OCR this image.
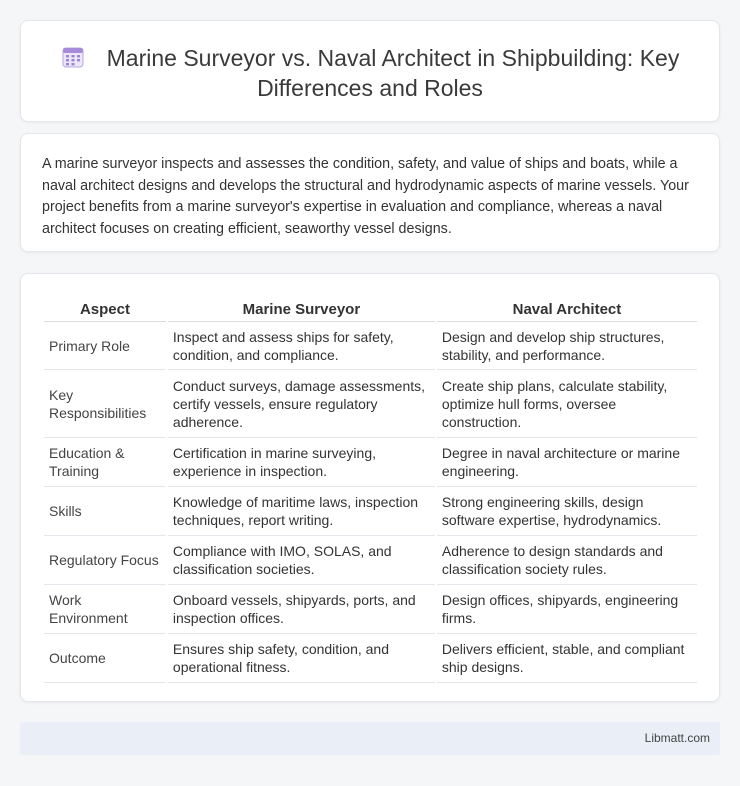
Marine Surveyor vs. Naval Architect in Shipbuilding: Key Differences and Roles

A marine surveyor inspects and assesses the condition, safety, and value of ships and boats, while a naval architect designs and develops the structural and hydrodynamic aspects of marine vessels. Your project benefits from a marine surveyor's expertise in evaluation and compliance, whereas a naval architect focuses on creating efficient, seaworthy vessel designs.

Aspect	Marine Surveyor	Naval Architect
Primary Role	Inspect and assess ships for safety, condition, and compliance.	Design and develop ship structures, stability, and performance.
Key Responsibilities	Conduct surveys, damage assessments, certify vessels, ensure regulatory adherence.	Create ship plans, calculate stability, optimize hull forms, oversee construction.
Education & Training	Certification in marine surveying, experience in inspection.	Degree in naval architecture or marine engineering.
Skills	Knowledge of maritime laws, inspection techniques, report writing.	Strong engineering skills, design software expertise, hydrodynamics.
Regulatory Focus	Compliance with IMO, SOLAS, and classification societies.	Adherence to design standards and classification society rules.
Work Environment	Onboard vessels, shipyards, ports, and inspection offices.	Design offices, shipyards, engineering firms.
Outcome	Ensures ship safety, condition, and operational fitness.	Delivers efficient, stable, and compliant ship designs.
Libmatt.com
